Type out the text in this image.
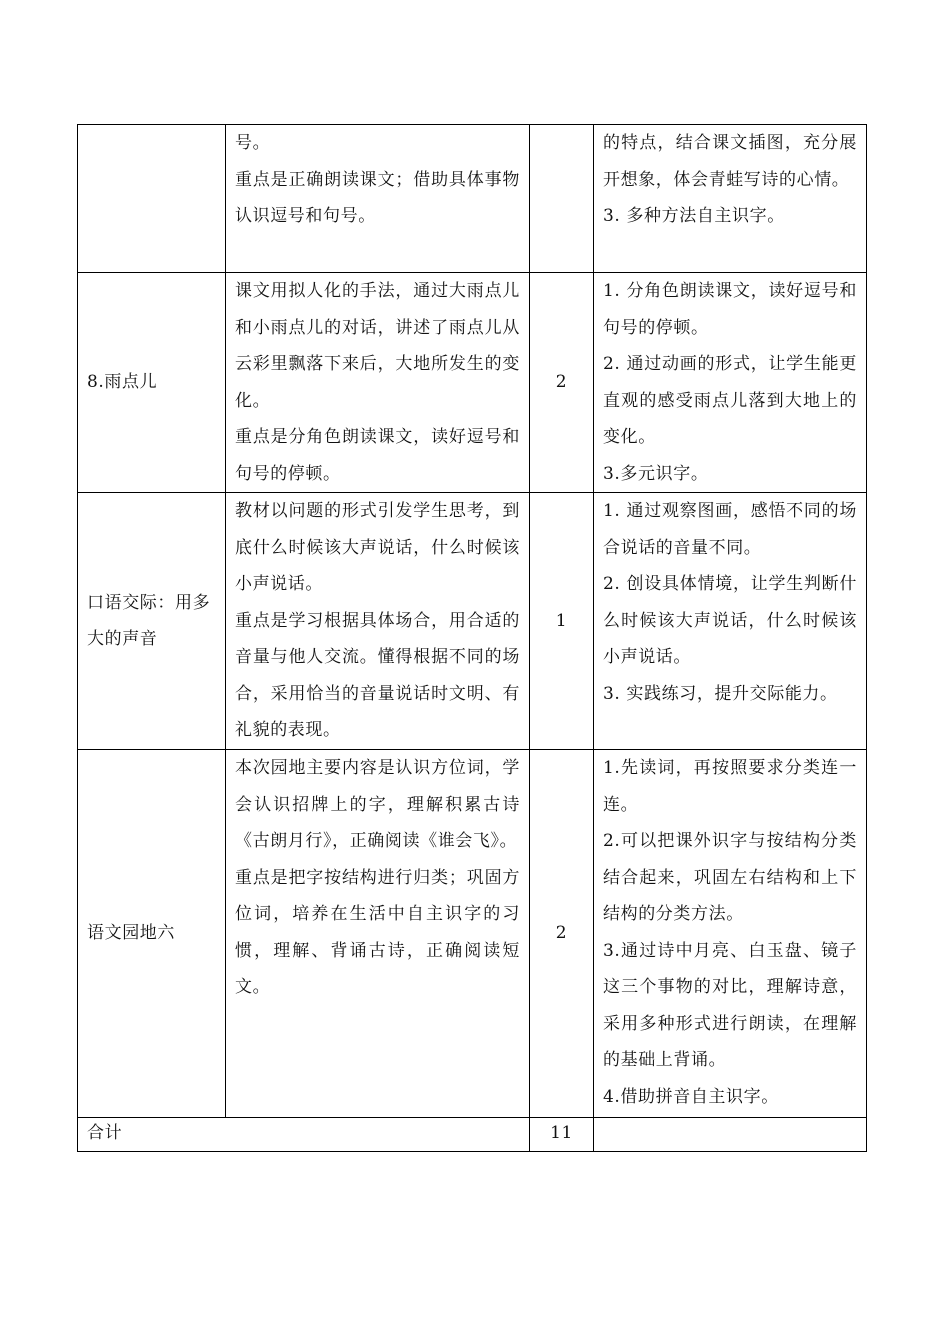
	号。
重点是正确朗读课文；借助具体事物认识逗号和句号。		的特点，结合课文插图，充分展开想象，体会青蛙写诗的心情。
3. 多种方法自主识字。

8.雨点儿	课文用拟人化的手法，通过大雨点儿和小雨点儿的对话，讲述了雨点儿从云彩里飘落下来后，大地所发生的变化。
重点是分角色朗读课文，读好逗号和句号的停顿。	2	1. 分角色朗读课文，读好逗号和句号的停顿。
2. 通过动画的形式，让学生能更直观的感受雨点儿落到大地上的变化。
3.多元识字。

口语交际：用多大的声音	教材以问题的形式引发学生思考，到底什么时候该大声说话，什么时候该小声说话。
重点是学习根据具体场合，用合适的音量与他人交流。懂得根据不同的场合，采用恰当的音量说话时文明、有礼貌的表现。	1	1. 通过观察图画，感悟不同的场合说话的音量不同。
2. 创设具体情境，让学生判断什么时候该大声说话，什么时候该小声说话。
3. 实践练习，提升交际能力。

语文园地六	本次园地主要内容是认识方位词，学会认识招牌上的字，理解积累古诗《古朗月行》，正确阅读《谁会飞》。
重点是把字按结构进行归类；巩固方位词，培养在生活中自主识字的习惯，理解、背诵古诗，正确阅读短文。	2	1.先读词，再按照要求分类连一连。
2.可以把课外识字与按结构分类结合起来，巩固左右结构和上下结构的分类方法。
3.通过诗中月亮、白玉盘、镜子这三个事物的对比，理解诗意，采用多种形式进行朗读，在理解的基础上背诵。
4.借助拼音自主识字。

合计		11	
